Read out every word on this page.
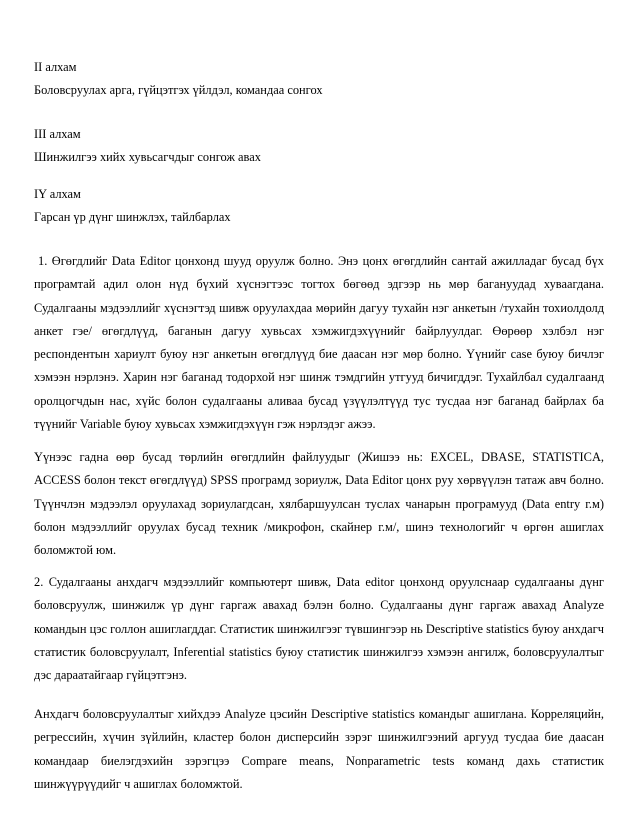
II алхам
Боловсруулах арга, гүйцэтгэх үйлдэл, командаа сонгох
III алхам
Шинжилгээ хийх хувьсагчдыг сонгож авах
IY алхам
Гарсан үр дүнг шинжлэх, тайлбарлах

1. Өгөгдлийг Data Editor цонхонд шууд оруулж болно. Энэ цонх өгөгдлийн сантай ажилладаг бусад бүх програмтай адил олон нүд бүхий хүснэгтээс тогтох бөгөөд эдгээр нь мөр багануудад хуваагдана. Судалгааны мэдээллийг хүснэгтэд шивж оруулахдаа мөрийн дагуу тухайн нэг анкетын /тухайн тохиолдолд анкет гэе/ өгөгдлүүд, баганын дагуу хувьсах хэмжигдэхүүнийг байрлуулдаг. Өөрөөр хэлбэл нэг респондентын хариулт буюу нэг анкетын өгөгдлүүд бие даасан нэг мөр болно. Үүнийг case буюу бичлэг хэмээн нэрлэнэ. Харин нэг баганад тодорхой нэг шинж тэмдгийн утгууд бичигддэг. Тухайлбал судалгаанд оролцогчдын нас, хүйс болон судалгааны аливаа бусад үзүүлэлтүүд тус тусдаа нэг баганад байрлах ба түүнийг Variable буюу хувьсах хэмжигдэхүүн гэж нэрлэдэг ажээ.

Үүнээс гадна өөр бусад төрлийн өгөгдлийн файлуудыг (Жишээ нь: EXCEL, DBASE, STATISTICA, ACCESS болон текст өгөгдлүүд) SPSS програмд зориулж, Data Editor цонх руу хөрвүүлэн татаж авч болно. Түүнчлэн мэдээлэл оруулахад зориулагдсан, хялбаршуулсан туслах чанарын програмууд (Data entry г.м) болон мэдээллийг оруулах бусад техник /микрофон, скайнер г.м/, шинэ технологийг ч өргөн ашиглах боломжтой юм.

2. Судалгааны анхдагч мэдээллийг компьютерт шивж, Data editor цонхонд оруулснаар судалгааны дүнг боловсруулж, шинжилж үр дүнг гаргаж авахад бэлэн болно. Судалгааны дүнг гаргаж авахад Analyze командын цэс голлон ашиглагддаг. Статистик шинжилгээг түвшингээр нь Descriptive statistics буюу анхдагч статистик боловсруулалт, Inferential statistics буюу статистик шинжилгээ хэмээн ангилж, боловсруулалтыг дэс дараатайгаар гүйцэтгэнэ.

Анхдагч боловсруулалтыг хийхдээ Analyze цэсийн Descriptive statistics командыг ашиглана. Корреляцийн, регрессийн, хүчин зүйлийн, кластер болон дисперсийн зэрэг шинжилгээний аргууд тусдаа бие даасан командаар биелэгдэхийн зэрэгцээ Compare means, Nonparametric tests команд дахь статистик шинжүүрүүдийг ч ашиглах боломжтой.
